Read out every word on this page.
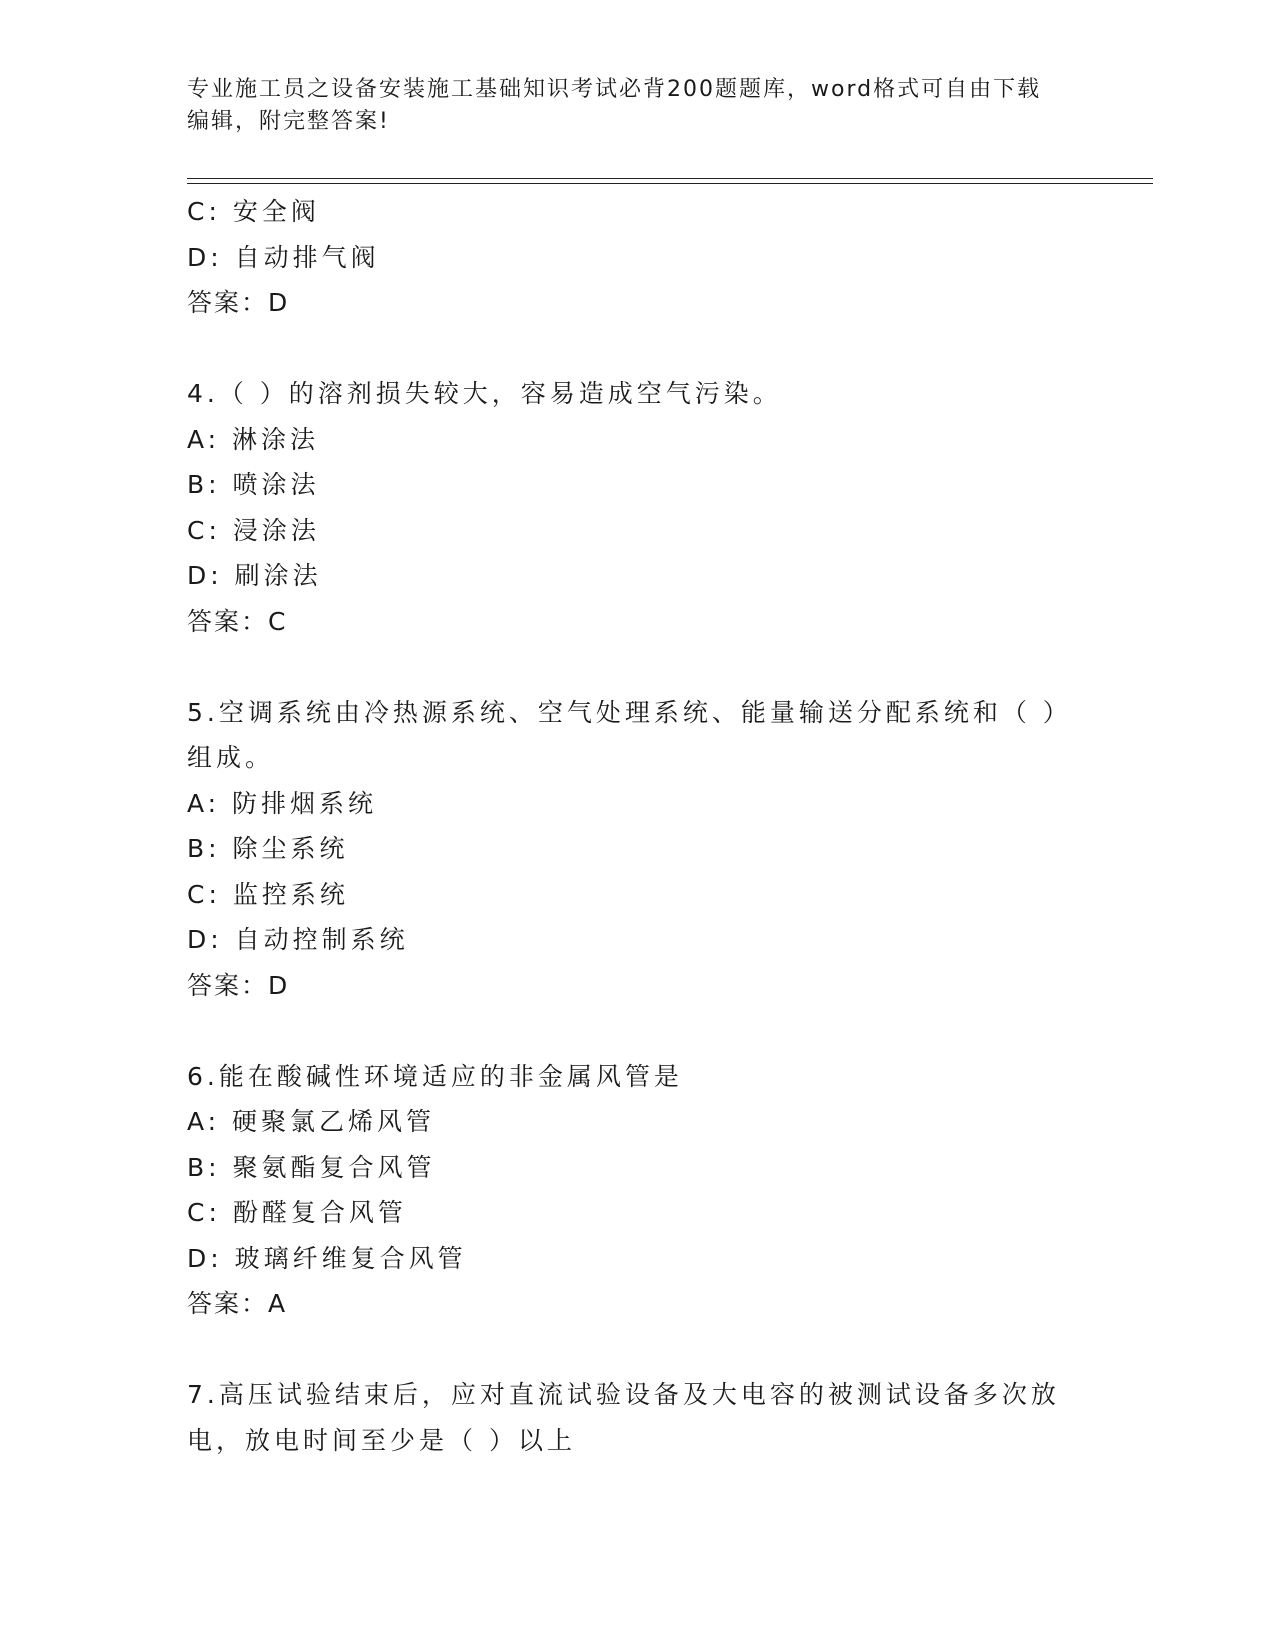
专业施工员之设备安装施工基础知识考试必背200题题库，word格式可自由下载
编辑，附完整答案!
C: 安全阀
D: 自动排气阀
答案：D
4.（ ）的溶剂损失较大，容易造成空气污染。
A: 淋涂法
B: 喷涂法
C: 浸涂法
D: 刷涂法
答案：C
5.空调系统由冷热源系统、空气处理系统、能量输送分配系统和（ ）
组成。
A: 防排烟系统
B: 除尘系统
C: 监控系统
D: 自动控制系统
答案：D
6.能在酸碱性环境适应的非金属风管是
A: 硬聚氯乙烯风管
B: 聚氨酯复合风管
C: 酚醛复合风管
D: 玻璃纤维复合风管
答案：A
7.高压试验结束后，应对直流试验设备及大电容的被测试设备多次放
电，放电时间至少是（ ）以上
